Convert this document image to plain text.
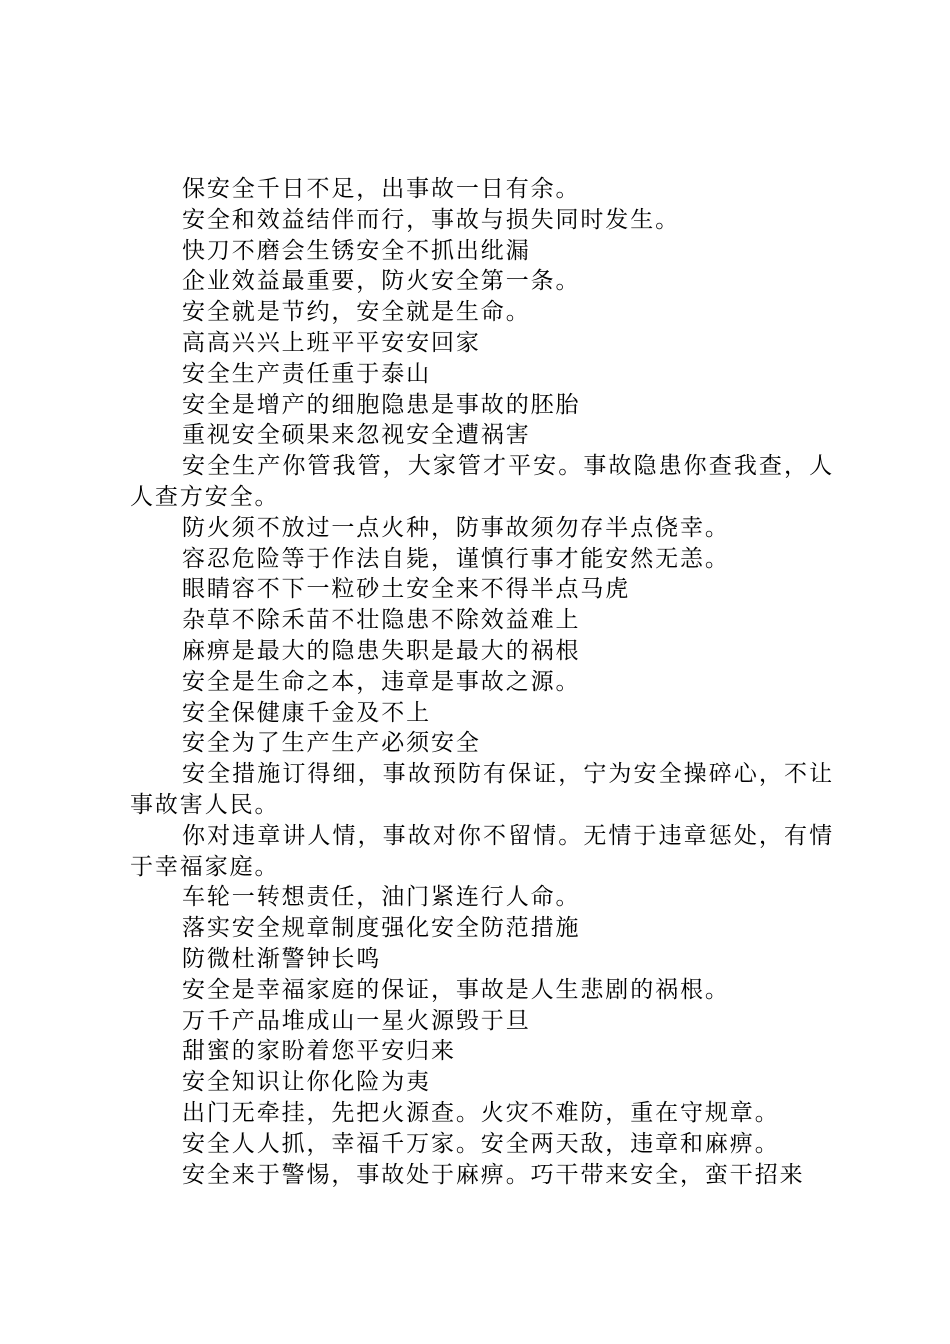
保安全千日不足，出事故一日有余。

安全和效益结伴而行，事故与损失同时发生。

快刀不磨会生锈安全不抓出纰漏

企业效益最重要，防火安全第一条。

安全就是节约，安全就是生命。

高高兴兴上班平平安安回家

安全生产责任重于泰山

安全是增产的细胞隐患是事故的胚胎

重视安全硕果来忽视安全遭祸害

安全生产你管我管，大家管才平安。事故隐患你查我查，人人查方安全。

防火须不放过一点火种，防事故须勿存半点侥幸。

容忍危险等于作法自毙，谨慎行事才能安然无恙。

眼睛容不下一粒砂土安全来不得半点马虎

杂草不除禾苗不壮隐患不除效益难上

麻痹是最大的隐患失职是最大的祸根

安全是生命之本，违章是事故之源。

安全保健康千金及不上

安全为了生产生产必须安全

安全措施订得细，事故预防有保证，宁为安全操碎心，不让事故害人民。

你对违章讲人情，事故对你不留情。无情于违章惩处，有情于幸福家庭。

车轮一转想责任，油门紧连行人命。

落实安全规章制度强化安全防范措施

防微杜渐警钟长鸣

安全是幸福家庭的保证，事故是人生悲剧的祸根。

万千产品堆成山一星火源毁于旦

甜蜜的家盼着您平安归来

安全知识让你化险为夷

出门无牵挂，先把火源查。火灾不难防，重在守规章。

安全人人抓，幸福千万家。安全两天敌，违章和麻痹。

安全来于警惕，事故处于麻痹。巧干带来安全，蛮干招来
